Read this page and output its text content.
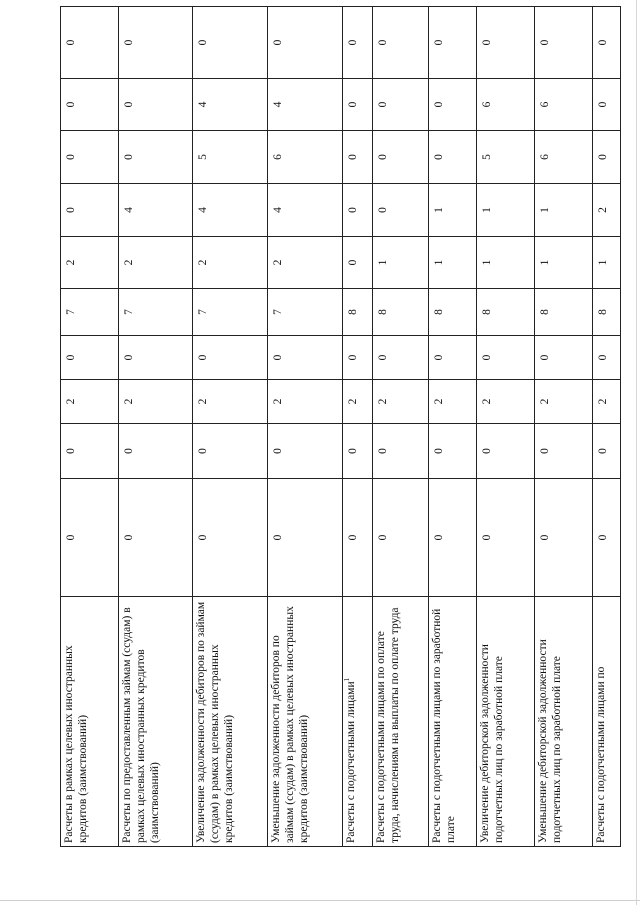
Расчеты в рамках целевых иностранных кредитов (заимствований)	0	0	2	0	7	2	0	0	0	0
Расчеты по предоставленным займам (ссудам) в рамках целевых иностранных кредитов (заимствований)	0	0	2	0	7	2	4	0	0	0
Увеличение задолженности дебиторов по займам (ссудам) в рамках целевых иностранных кредитов (заимствований)	0	0	2	0	7	2	4	5	4	0
Уменьшение задолженности дебиторов по займам (ссудам) в рамках целевых иностранных кредитов (заимствований)	0	0	2	0	7	2	4	6	4	0
Расчеты с подотчетными лицами$^1$	0	0	2	0	8	0	0	0	0	0
Расчеты с подотчетными лицами по оплате труда, начислениям на выплаты по оплате труда	0	0	2	0	8	1	0	0	0	0
Расчеты с подотчетными лицами по заработной плате	0	0	2	0	8	1	1	0	0	0
Увеличение дебиторской задолженности подотчетных лиц по заработной плате	0	0	2	0	8	1	1	5	6	0
Уменьшение дебиторской задолженности подотчетных лиц по заработной плате	0	0	2	0	8	1	1	6	6	0
Расчеты с подотчетными лицами по	0	0	2	0	8	1	2	0	0	0
